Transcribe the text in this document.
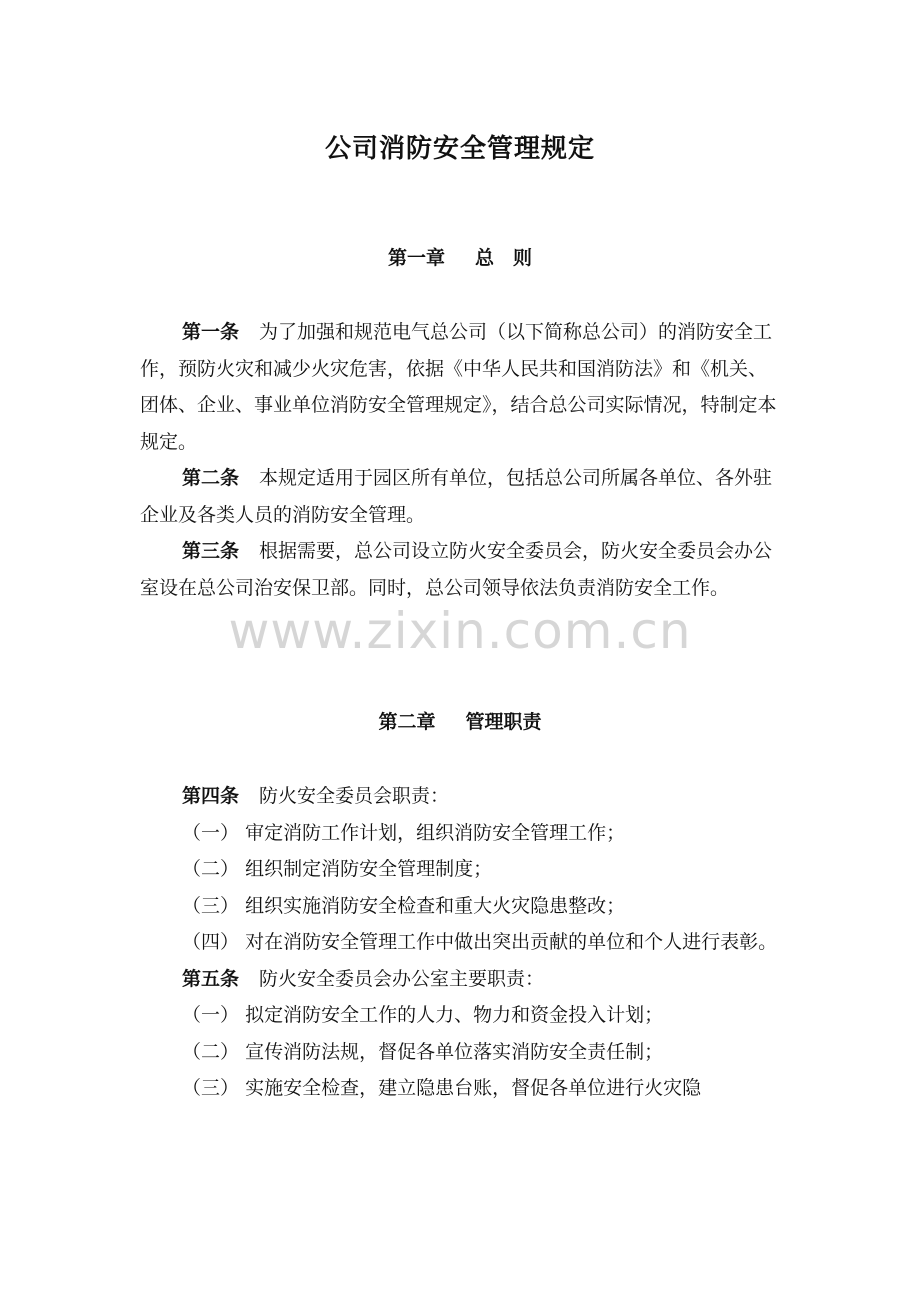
公司消防安全管理规定
第一章 总　则

第一条 为了加强和规范电气总公司（以下简称总公司）的消防安全工作，预防火灾和减少火灾危害，依据《中华人民共和国消防法》和《机关、团体、企业、事业单位消防安全管理规定》，结合总公司实际情况，特制定本规定。

第二条 本规定适用于园区所有单位，包括总公司所属各单位、各外驻企业及各类人员的消防安全管理。

第三条 根据需要，总公司设立防火安全委员会，防火安全委员会办公室设在总公司治安保卫部。同时，总公司领导依法负责消防安全工作。

第二章 管理职责

第四条 防火安全委员会职责：

（一） 审定消防工作计划，组织消防安全管理工作；

（二） 组织制定消防安全管理制度；

（三） 组织实施消防安全检查和重大火灾隐患整改；

（四） 对在消防安全管理工作中做出突出贡献的单位和个人进行表彰。

第五条 防火安全委员会办公室主要职责：

（一） 拟定消防安全工作的人力、物力和资金投入计划；

（二） 宣传消防法规，督促各单位落实消防安全责任制；

（三） 实施安全检查，建立隐患台账，督促各单位进行火灾隐

www.zixin.com.cn
